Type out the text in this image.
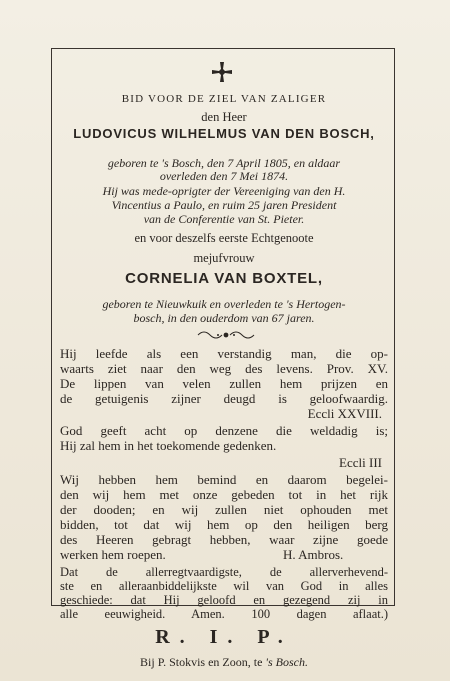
BID VOOR DE ZIEL VAN ZALIGER
den Heer
LUDOVICUS WILHELMUS VAN DEN BOSCH,
geboren te 's Bosch, den 7 April 1805, en aldaar
overleden den 7 Mei 1874.
Hij was mede-oprigter der Vereeniging van den H.
Vincentius a Paulo, en ruim 25 jaren President
van de Conferentie van St. Pieter.
en voor deszelfs eerste Echtgenoote
mejufvrouw
CORNELIA VAN BOXTEL,
geboren te Nieuwkuik en overleden te 's Hertogen-
bosch, in den ouderdom van 67 jaren.
Hij leefde als een verstandig man, die op-
waarts ziet naar den weg des levens. Prov. XV.
De lippen van velen zullen hem prijzen en
de getuigenis zijner deugd is geloofwaardig.
Eccli XXVIII.
God geeft acht op denzene die weldadig is;
Hij zal hem in het toekomende gedenken.
Eccli III
Wij hebben hem bemind en daarom begelei-
den wij hem met onze gebeden tot in het rijk
der dooden; en wij zullen niet ophouden met
bidden, tot dat wij hem op den heiligen berg
des Heeren gebragt hebben, waar zijne goede
werken hem roepen.	H. Ambros.
Dat de allerregtvaardigste, de allerverhevend-
ste en alleraanbiddelijkste wil van God in alles
geschiede: dat Hij geloofd en gezegend zij in
alle eeuwigheid. Amen. 100 dagen aflaat.)
R. I. P.
Bij P. Stokvis en Zoon, te 's Bosch.
